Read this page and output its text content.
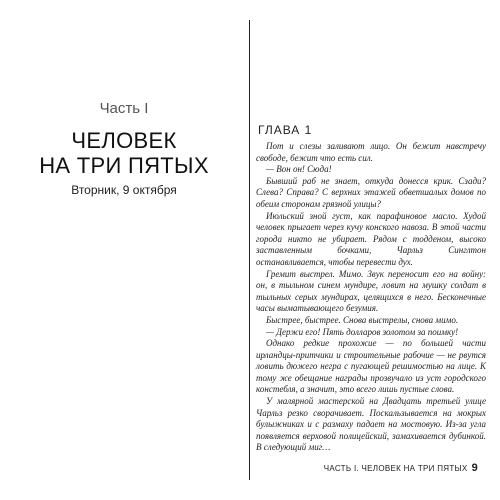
Часть I
ЧЕЛОВЕК
НА ТРИ ПЯТЫХ
Вторник, 9 октября
ГЛАВА 1

Пот и слезы заливают лицо. Он бежит навстречу свободе, бежит что есть сил.

— Вон он! Сюда!

Бывший раб не знает, откуда донесся крик. Сзади? Слева? Справа? С верхних этажей обветшалых домов по обеим сторонам грязной улицы?

Июльский зной густ, как парафиновое масло. Худой человек прыгает через кучу конского навоза. В этой части города никто не убирает. Рядом с тодденом, высоко заставленным бочками, Чарльз Синглтон останавливается, чтобы перевести дух.

Гремит выстрел. Мимо. Звук переносит его на войну: он, в тыльном синем мундире, ловит на мушку солдат в тыльных серых мундирах, целящихся в него. Бесконечные часы выматывающего безумия.

Быстрее, быстрее. Снова выстрелы, снова мимо.

— Держи его! Пять долларов золотом за поимку!

Однако редкие прохожие — по большей части ирландцы-притчики и строительные рабочие — не рвутся ловить дюжего негра с пугающей решимостью на лице. К тому же обещание награды прозвучало из уст городского констебля, а значит, это всего лишь пустые слова.

У малярной мастерской на Двадцать третьей улице Чарльз резко сворачивает. Поскальзывается на мокрых булыжниках и с размаху падает на мостовую. Из-за угла появляется верховой полицейский, замахивается дубинкой. В следующий миг…

ЧАСТЬ I. ЧЕЛОВЕК НА ТРИ ПЯТЫХ 9
